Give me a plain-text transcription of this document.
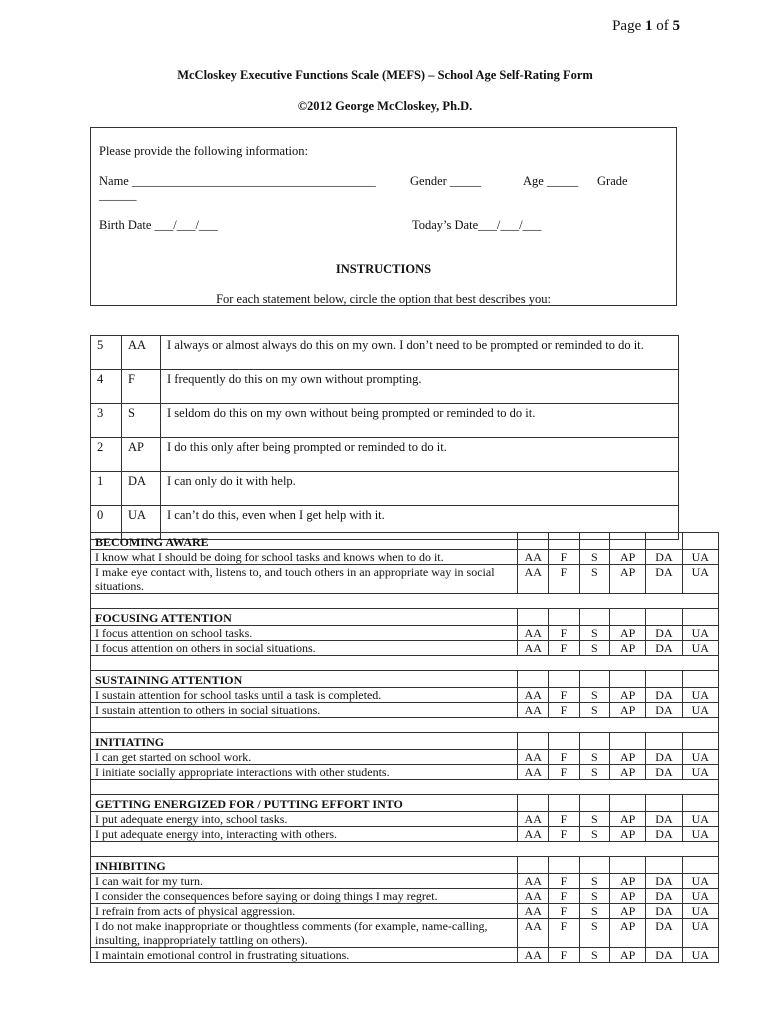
Page 1 of 5
McCloskey Executive Functions Scale (MEFS) – School Age Self-Rating Form
©2012 George McCloskey, Ph.D.
Please provide the following information:
Name _______________________________________	Gender _____	Age _____ Grade
______
Birth Date ___/___/___	Today’s Date___/___/___
INSTRUCTIONS
For each statement below, circle the option that best describes you:
5	AA	I always or almost always do this on my own. I don’t need to be prompted or reminded to do it.
4	F	I frequently do this on my own without prompting.
3	S	I seldom do this on my own without being prompted or reminded to do it.
2	AP	I do this only after being prompted or reminded to do it.
1	DA	I can only do it with help.
0	UA	I can’t do this, even when I get help with it.
BECOMING AWARE						
I know what I should be doing for school tasks and knows when to do it.	AA	F	S	AP	DA	UA
I make eye contact with, listens to, and touch others in an appropriate way in social situations.	AA	F	S	AP	DA	UA

FOCUSING ATTENTION						
I focus attention on school tasks.	AA	F	S	AP	DA	UA
I focus attention on others in social situations.	AA	F	S	AP	DA	UA

SUSTAINING ATTENTION						
I sustain attention for school tasks until a task is completed.	AA	F	S	AP	DA	UA
I sustain attention to others in social situations.	AA	F	S	AP	DA	UA

INITIATING						
I can get started on school work.	AA	F	S	AP	DA	UA
I initiate socially appropriate interactions with other students.	AA	F	S	AP	DA	UA

GETTING ENERGIZED FOR / PUTTING EFFORT INTO						
I put adequate energy into, school tasks.	AA	F	S	AP	DA	UA
I put adequate energy into, interacting with others.	AA	F	S	AP	DA	UA

INHIBITING						
I can wait for my turn.	AA	F	S	AP	DA	UA
I consider the consequences before saying or doing things I may regret.	AA	F	S	AP	DA	UA
I refrain from acts of physical aggression.	AA	F	S	AP	DA	UA
I do not make inappropriate or thoughtless comments (for example, name-calling, insulting, inappropriately tattling on others).	AA	F	S	AP	DA	UA
I maintain emotional control in frustrating situations.	AA	F	S	AP	DA	UA
